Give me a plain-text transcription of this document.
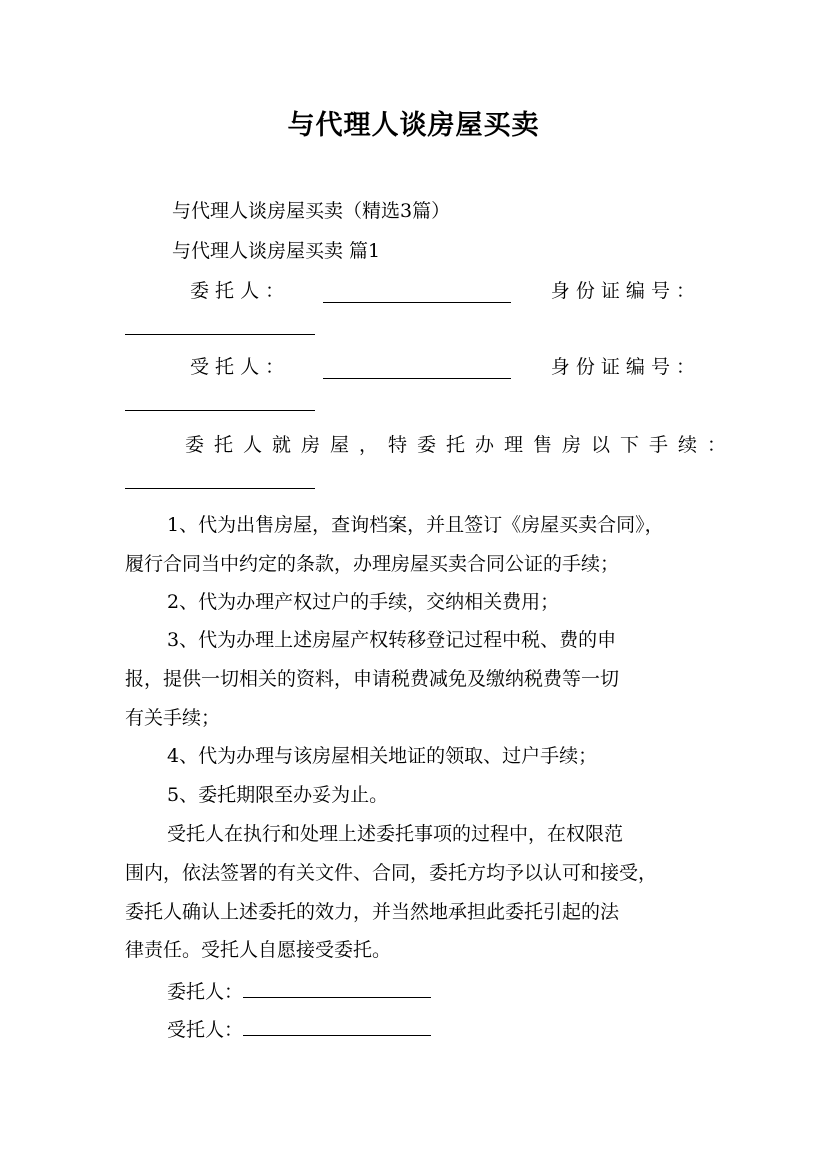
与代理人谈房屋买卖
与代理人谈房屋买卖（精选3篇）
与代理人谈房屋买卖 篇1
委 托 人 ：	身 份 证 编 号 ：
受 托 人 ：	身 份 证 编 号 ：
委托人就房屋，特委托办理售房以下手续：
1、代为出售房屋，查询档案，并且签订《房屋买卖合同》，
履行合同当中约定的条款，办理房屋买卖合同公证的手续；
2、代为办理产权过户的手续，交纳相关费用；
3、代为办理上述房屋产权转移登记过程中税、费的申
报，提供一切相关的资料，申请税费减免及缴纳税费等一切
有关手续；
4、代为办理与该房屋相关地证的领取、过户手续；
5、委托期限至办妥为止。
受托人在执行和处理上述委托事项的过程中，在权限范
围内，依法签署的有关文件、合同，委托方均予以认可和接受，
委托人确认上述委托的效力，并当然地承担此委托引起的法
律责任。受托人自愿接受委托。
委托人：
受托人：
